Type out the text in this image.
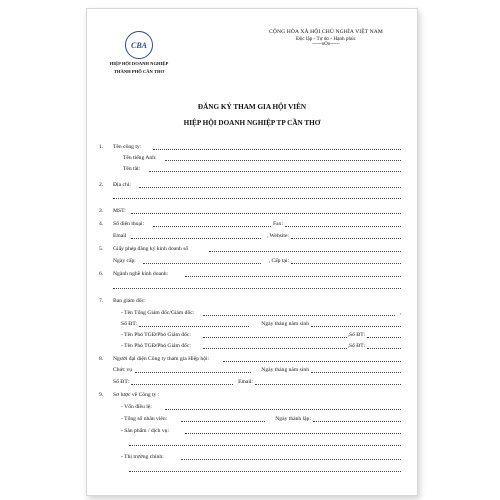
CBA
HIỆP HỘI DOANH NGHIỆP
THÀNH PHỐ CẦN THƠ
CỘNG HÒA XÃ HỘI CHỦ NGHĨA VIỆT NAM
Độc lập - Tự do - Hạnh phúc
------oOo------
ĐĂNG KÝ THAM GIA HỘI VIÊN
HIỆP HỘI DOANH NGHIỆP TP CẦN THƠ
1.	Tên công ty:
Tên tiếng Anh:
Tên tắt:
2.	Địa chỉ:
3.	MST:
4.	Số điện thoại:	Fax:
Email	, Website:
5.	Giấy phép đăng ký kinh doanh số
Ngày cấp:	, Cấp tại:
6.	Ngành nghề kinh doanh:
7.	Ban giám đốc:
- Tên Tổng Giám đốc/Giám đốc:	,
Số ĐT:	Ngày tháng năm sinh
- Tên Phó TGĐ/Phó Giám đốc:	,Số ĐT:
- Tên Phó TGĐ/Phó Giám đốc:	,Số ĐT:
8.	Người đại diện Công ty tham gia Hiệp hội:
Chức vụ	Ngày tháng năm sinh
Số ĐT:	Email:
9.	Sơ lược về Công ty :
- Vốn điều lệ:
- Tổng số nhân viên:	Ngày thành lập:
- Sản phẩm / dịch vụ:
- Thị trường chính:
